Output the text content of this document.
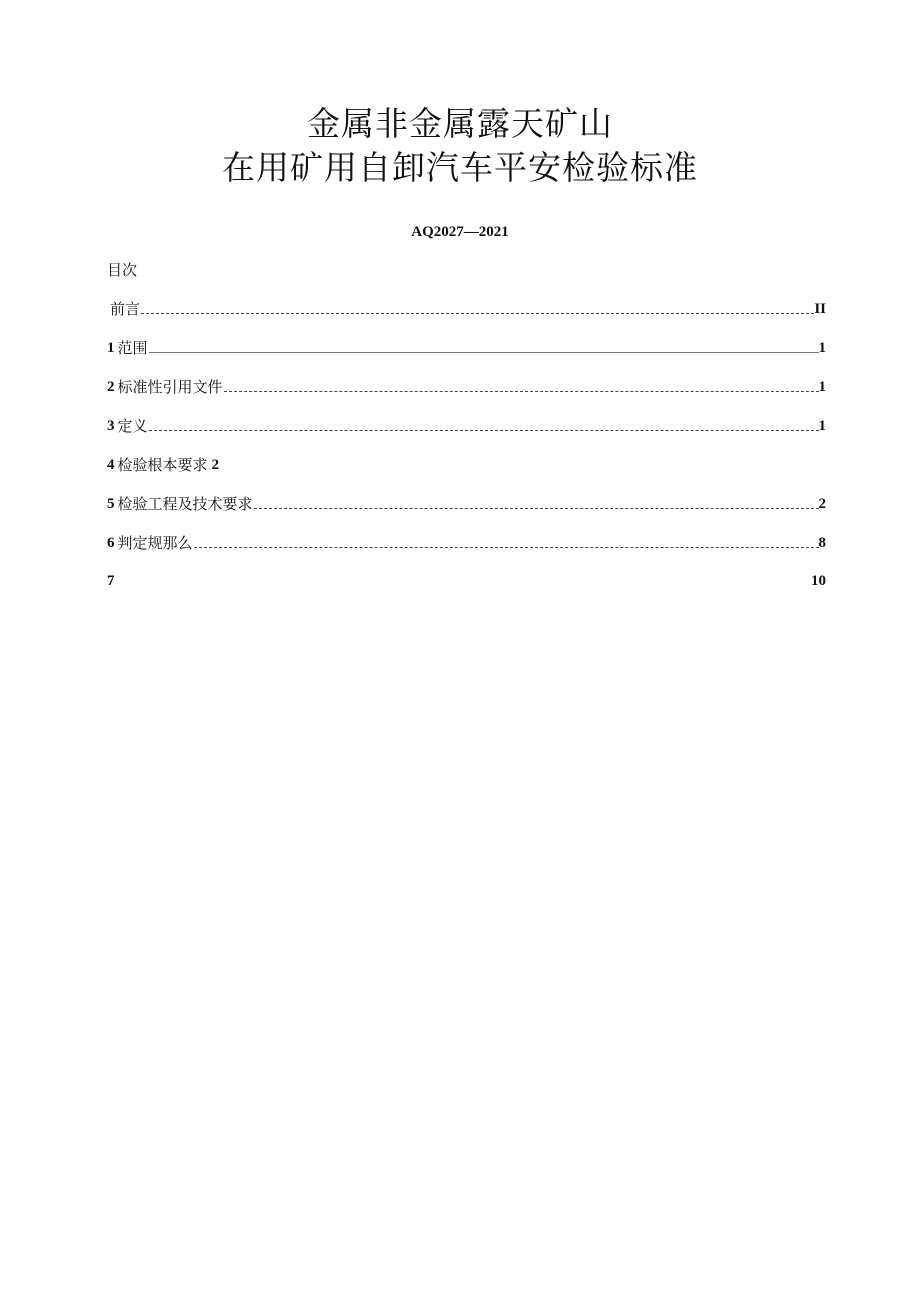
金属非金属露天矿山
在用矿用自卸汽车平安检验标准
AQ2027—2021
目次
前言	II
1 范围	1
2 标准性引用文件	1
3 定义	1
4 检验根本要求 2
5 检验工程及技术要求	2
6 判定规那么	8
7	10
